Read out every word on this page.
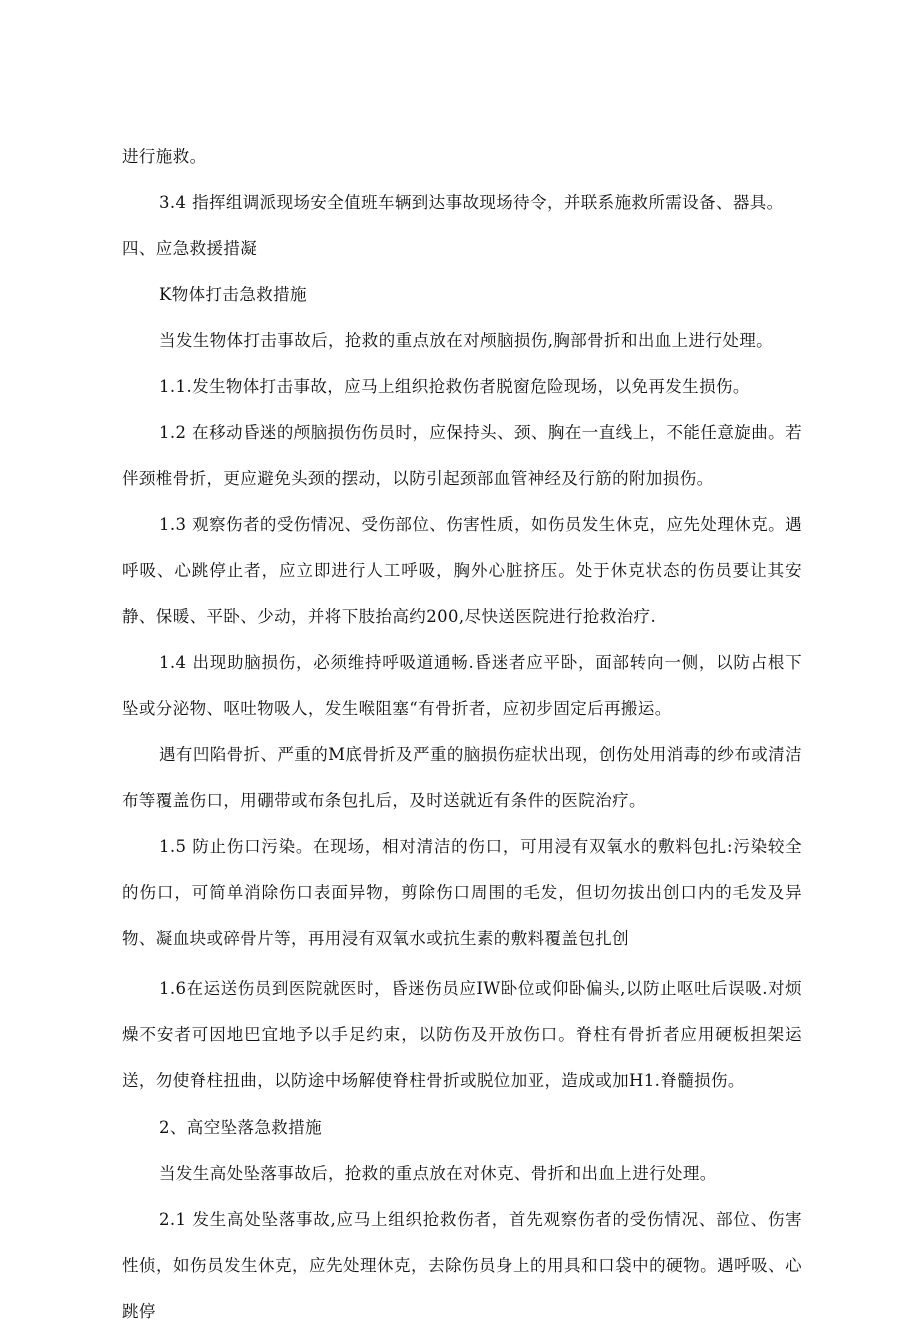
进行施救。

3.4 指挥组调派现场安全值班车辆到达事故现场待令，并联系施救所需设备、器具。

四、应急救援措凝

K物体打击急救措施

当发生物体打击事故后，抢救的重点放在对颅脑损伤,胸部骨折和出血上进行处理。

1.1.发生物体打击事故，应马上组织抢救伤者脱窗危险现场，以免再发生损伤。

1.2 在移动昏迷的颅脑损伤伤员时，应保持头、颈、胸在一直线上，不能任意旋曲。若伴颈椎骨折，更应避免头颈的摆动，以防引起颈部血管神经及行筋的附加损伤。

1.3 观察伤者的受伤情况、受伤部位、伤害性质，如伤员发生休克，应先处理休克。遇呼吸、心跳停止者，应立即进行人工呼吸，胸外心脏挤压。处于休克状态的伤员要让其安静、保暖、平卧、少动，并将下肢抬高约200,尽快送医院进行抢救治疗.

1.4 出现助脑损伤，必须维持呼吸道通畅.昏迷者应平卧，面部转向一侧，以防占根下坠或分泌物、呕吐物吸人，发生喉阻塞“有骨折者，应初步固定后再搬运。

遇有凹陷骨折、严重的M底骨折及严重的脑损伤症状出现，创伤处用消毒的纱布或清洁布等覆盖伤口，用硼带或布条包扎后，及时送就近有条件的医院治疗。

1.5 防止伤口污染。在现场，相对清洁的伤口，可用浸有双氧水的敷料包扎:污染较全的伤口，可简单消除伤口表面异物，剪除伤口周围的毛发，但切勿拔出创口内的毛发及异物、凝血块或碎骨片等，再用浸有双氧水或抗生素的敷料覆盖包扎创

1.6在运送伤员到医院就医时，昏迷伤员应IW卧位或仰卧偏头,以防止呕吐后误吸.对烦燥不安者可因地巴宜地予以手足约束，以防伤及开放伤口。脊柱有骨折者应用硬板担架运送，勿使脊柱扭曲，以防途中场解使脊柱骨折或脱位加亚，造成或加H1.脊髓损伤。

2、高空坠落急救措施

当发生高处坠落事故后，抢救的重点放在对休克、骨折和出血上进行处理。

2.1 发生高处坠落事故,应马上组织抢救伤者，首先观察伤者的受伤情况、部位、伤害性侦，如伤员发生休克，应先处理休克，去除伤员身上的用具和口袋中的硬物。遇呼吸、心跳停
